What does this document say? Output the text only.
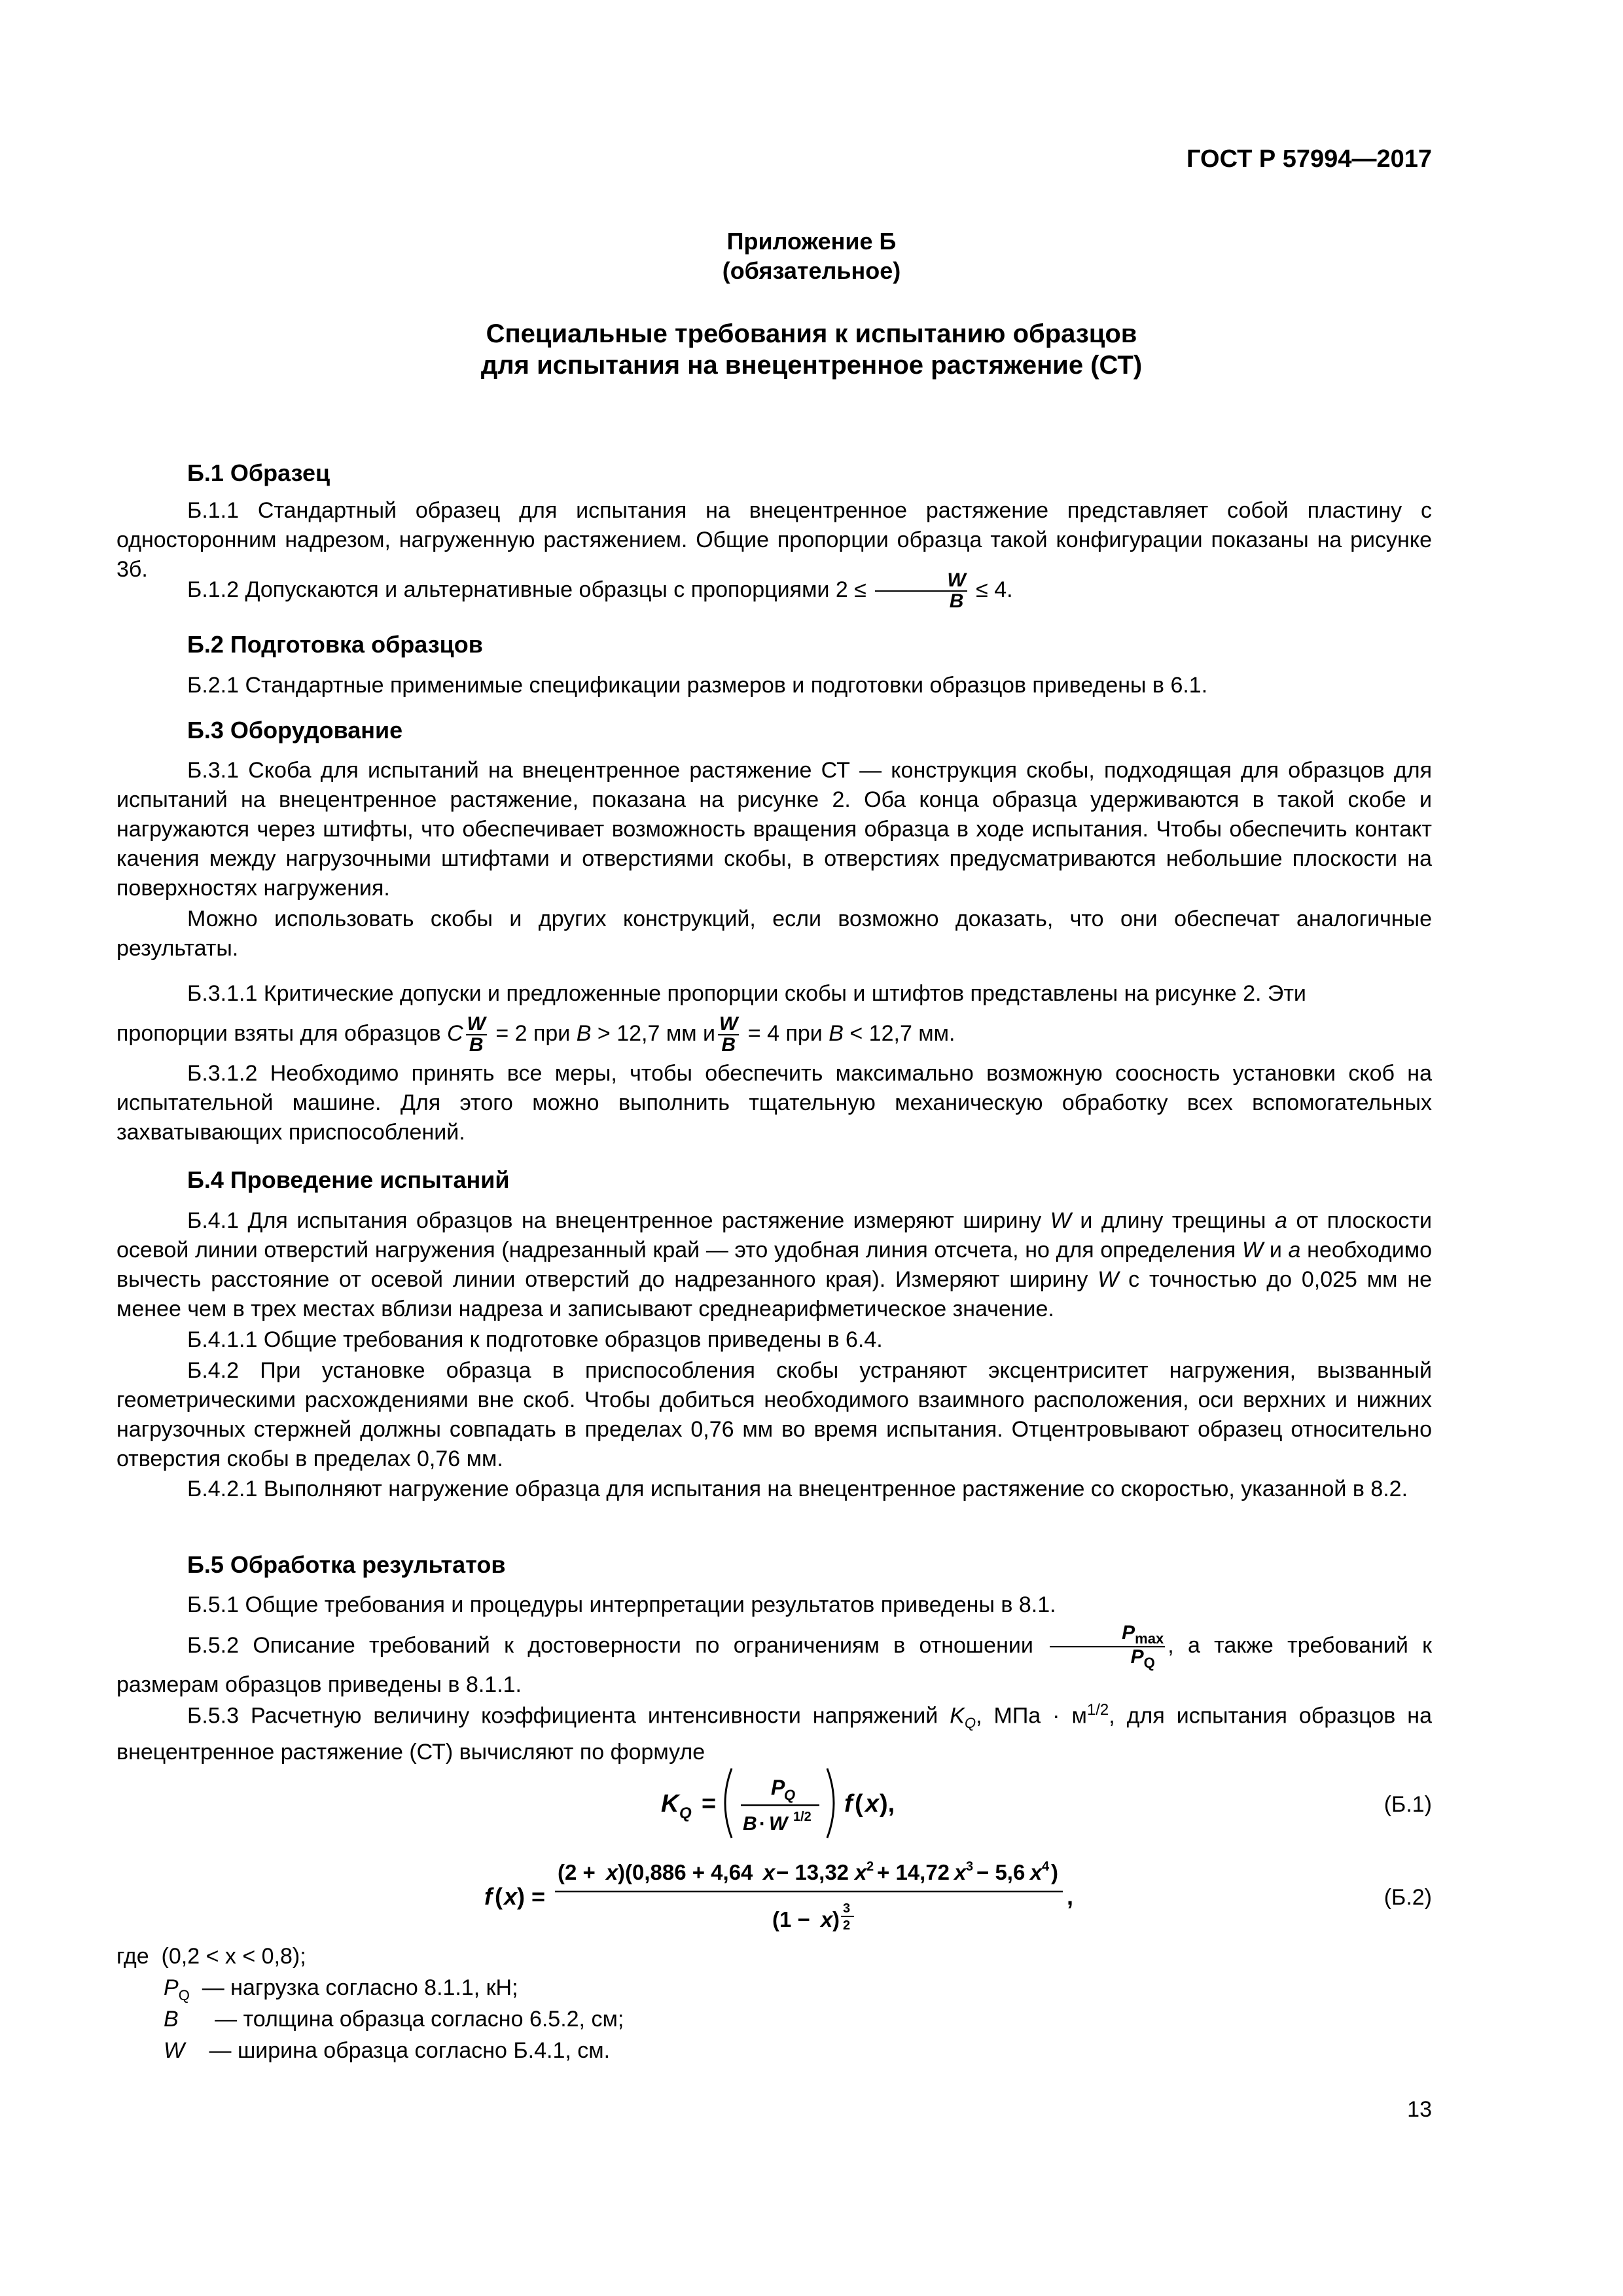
ГОСТ Р 57994—2017

Приложение Б

(обязательное)

Специальные требования к испытанию образцов

для испытания на внецентренное растяжение (СТ)

Б.1 Образец

Б.1.1 Стандартный образец для испытания на внецентренное растяжение представляет собой пластину с односторонним надрезом, нагруженную растяжением. Общие пропорции образца такой конфигурации показаны на рисунке 3б.

Б.1.2 Допускаются и альтернативные образцы с пропорциями $2 \le \frac{W}{B} \le 4$.

Б.2 Подготовка образцов

Б.2.1 Стандартные применимые спецификации размеров и подготовки образцов приведены в 6.1.

Б.3 Оборудование

Б.3.1 Скоба для испытаний на внецентренное растяжение СТ — конструкция скобы, подходящая для образцов для испытаний на внецентренное растяжение, показана на рисунке 2. Оба конца образца удерживаются в такой скобе и нагружаются через штифты, что обеспечивает возможность вращения образца в ходе испытания. Чтобы обеспечить контакт качения между нагрузочными штифтами и отверстиями скобы, в отверстиях предусматриваются небольшие плоскости на поверхностях нагружения.

Можно использовать скобы и других конструкций, если возможно доказать, что они обеспечат аналогичные результаты.

Б.3.1.1 Критические допуски и предложенные пропорции скобы и штифтов представлены на рисунке 2. Эти

пропорции взяты для образцов С $\frac{W}{B} = 2$ при В > 12,7 мм и $\frac{W}{B} = 4$ при В < 12,7 мм.

Б.3.1.2 Необходимо принять все меры, чтобы обеспечить максимально возможную соосность установки скоб на испытательной машине. Для этого можно выполнить тщательную механическую обработку всех вспомогательных захватывающих приспособлений.

Б.4 Проведение испытаний

Б.4.1 Для испытания образцов на внецентренное растяжение измеряют ширину W и длину трещины а от плоскости осевой линии отверстий нагружения (надрезанный край — это удобная линия отсчета, но для определения W и а необходимо вычесть расстояние от осевой линии отверстий до надрезанного края). Измеряют ширину W с точностью до 0,025 мм не менее чем в трех местах вблизи надреза и записывают среднеарифметическое значение.

Б.4.1.1 Общие требования к подготовке образцов приведены в 6.4.

Б.4.2 При установке образца в приспособления скобы устраняют эксцентриситет нагружения, вызванный геометрическими расхождениями вне скоб. Чтобы добиться необходимого взаимного расположения, оси верхних и нижних нагрузочных стержней должны совпадать в пределах 0,76 мм во время испытания. Отцентровывают образец относительно отверстия скобы в пределах 0,76 мм.

Б.4.2.1 Выполняют нагружение образца для испытания на внецентренное растяжение со скоростью, указанной в 8.2.

Б.5 Обработка результатов

Б.5.1 Общие требования и процедуры интерпретации результатов приведены в 8.1.

Б.5.2 Описание требований к достоверности по ограничениям в отношении $\frac{P_{max}}{P_Q}$ , а также требований к размерам образцов приведены в 8.1.1.

Б.5.3 Расчетную величину коэффициента интенсивности напряжений $K_Q$, МПа · $м^{1/2}$, для испытания образцов на внецентренное растяжение (СТ) вычисляют по формуле

K Q =
P
Q
B · W 1/2 f ( x ),	(Б.1)
f ( x ) =
(2 + x )(0,886 + 4,64 x − 13,32 x 2 + 14,72 x 3 − 5,6 x 4 )
,
(1 − x ) 3
2
(Б.2)
где (0,2 < x < 0,8);
$P_Q$ — нагрузка согласно 8.1.1, кН;
B — толщина образца согласно 6.5.2, см;
W — ширина образца согласно Б.4.1, см.
13
